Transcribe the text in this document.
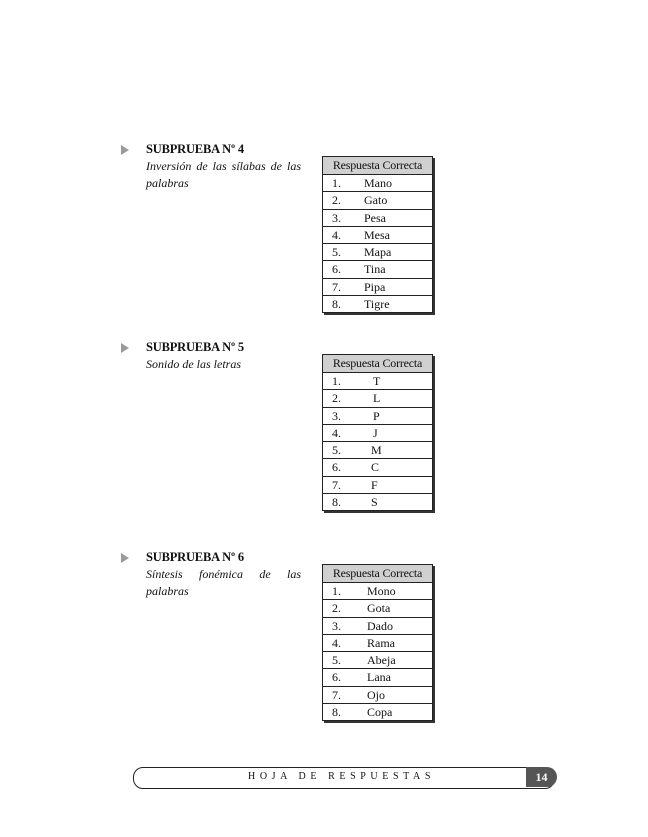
SUBPRUEBA Nº 4
Inversión de las sílabas de las palabras
Respuesta Correcta
1. Mano
2. Gato
3. Pesa
4. Mesa
5. Mapa
6. Tina
7. Pipa
8. Tigre
SUBPRUEBA Nº 5
Sonido de las letras	Respuesta Correcta
1.	T
2.	L
3.	P
4.	J
5.	M
6.	C
7.	F
8.	S
SUBPRUEBA Nº 6
Síntesis fonémica de las palabras
Respuesta Correcta
1. Mono
2. Gota
3. Dado
4. Rama
5. Abeja
6. Lana
7. Ojo
8. Copa
HOJA DE RESPUESTAS	14
